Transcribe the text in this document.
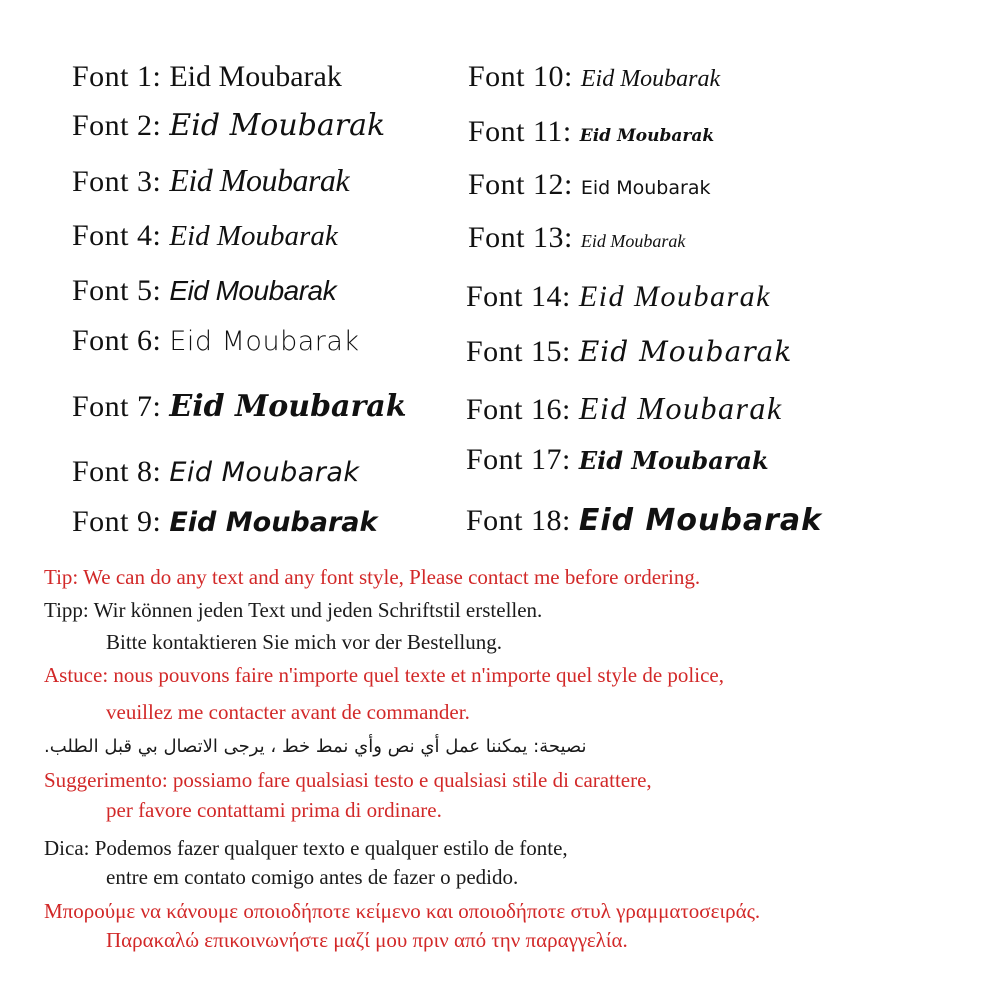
Font 1: Eid Moubarak
Font 2: Eid Moubarak
Font 3: Eid Moubarak
Font 4: Eid Moubarak
Font 5: Eid Moubarak
Font 6: Eid Moubarak
Font 7: Eid Moubarak
Font 8: Eid Moubarak
Font 9: Eid Moubarak
Font 10: Eid Moubarak
Font 11: Eid Moubarak
Font 12: Eid Moubarak
Font 13: Eid Moubarak
Font 14: Eid Moubarak
Font 15: Eid Moubarak
Font 16: Eid Moubarak
Font 17: Eid Moubarak
Font 18: Eid Moubarak
Tip: We can do any text and any font style, Please contact me before ordering.
Tipp: Wir können jeden Text und jeden Schriftstil erstellen.
Bitte kontaktieren Sie mich vor der Bestellung.
Astuce: nous pouvons faire n'importe quel texte et n'importe quel style de police,
veuillez me contacter avant de commander.
نصيحة: يمكننا عمل أي نص وأي نمط خط ، يرجى الاتصال بي قبل الطلب.
Suggerimento: possiamo fare qualsiasi testo e qualsiasi stile di carattere,
per favore contattami prima di ordinare.
Dica: Podemos fazer qualquer texto e qualquer estilo de fonte,
entre em contato comigo antes de fazer o pedido.
Μπορούμε να κάνουμε οποιοδήποτε κείμενο και οποιοδήποτε στυλ γραμματοσειράς.
Παρακαλώ επικοινωνήστε μαζί μου πριν από την παραγγελία.
